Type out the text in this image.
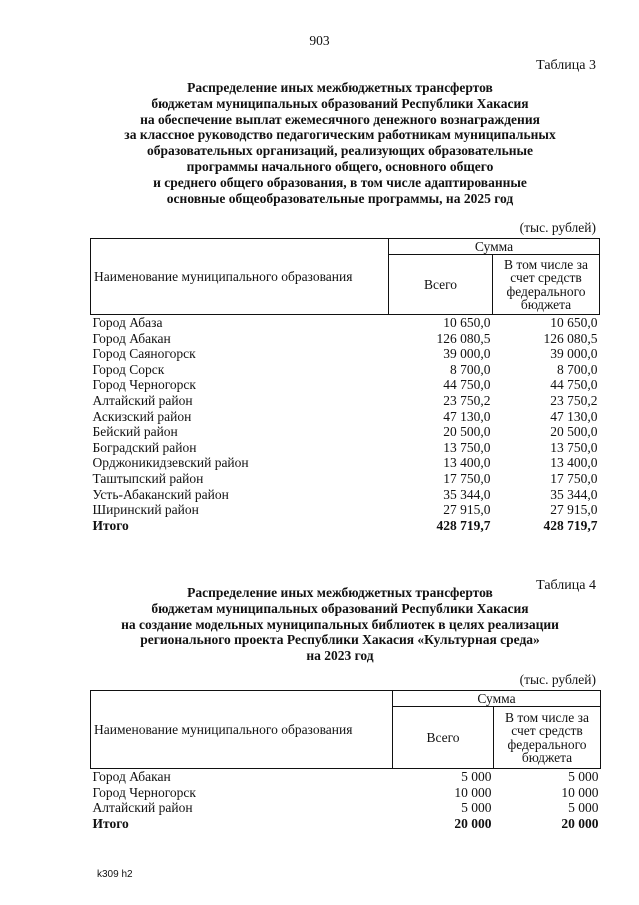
903
Таблица 3
Распределение иных межбюджетных трансфертов
бюджетам муниципальных образований Республики Хакасия
на обеспечение выплат ежемесячного денежного вознаграждения
за классное руководство педагогическим работникам муниципальных
образовательных организаций, реализующих образовательные
программы начального общего, основного общего
и среднего общего образования, в том числе адаптированные
основные общеобразовательные программы, на 2025 год
(тыс. рублей)
Наименование муниципального образования	Сумма	
	Всего	В том числе за счет средств федерального бюджета
Город Абаза	10 650,0	10 650,0
Город Абакан	126 080,5	126 080,5
Город Саяногорск	39 000,0	39 000,0
Город Сорск	8 700,0	8 700,0
Город Черногорск	44 750,0	44 750,0
Алтайский район	23 750,2	23 750,2
Аскизский район	47 130,0	47 130,0
Бейский район	20 500,0	20 500,0
Боградский район	13 750,0	13 750,0
Орджоникидзевский район	13 400,0	13 400,0
Таштыпский район	17 750,0	17 750,0
Усть-Абаканский район	35 344,0	35 344,0
Ширинский район	27 915,0	27 915,0
Итого	428 719,7	428 719,7
Таблица 4
Распределение иных межбюджетных трансфертов
бюджетам муниципальных образований Республики Хакасия
на создание модельных муниципальных библиотек в целях реализации
регионального проекта Республики Хакасия «Культурная среда»
на 2023 год
(тыс. рублей)
Наименование муниципального образования	Сумма	
	Всего	В том числе за счет средств федерального бюджета
Город Абакан	5 000	5 000
Город Черногорск	10 000	10 000
Алтайский район	5 000	5 000
Итого	20 000	20 000
k309 h2
